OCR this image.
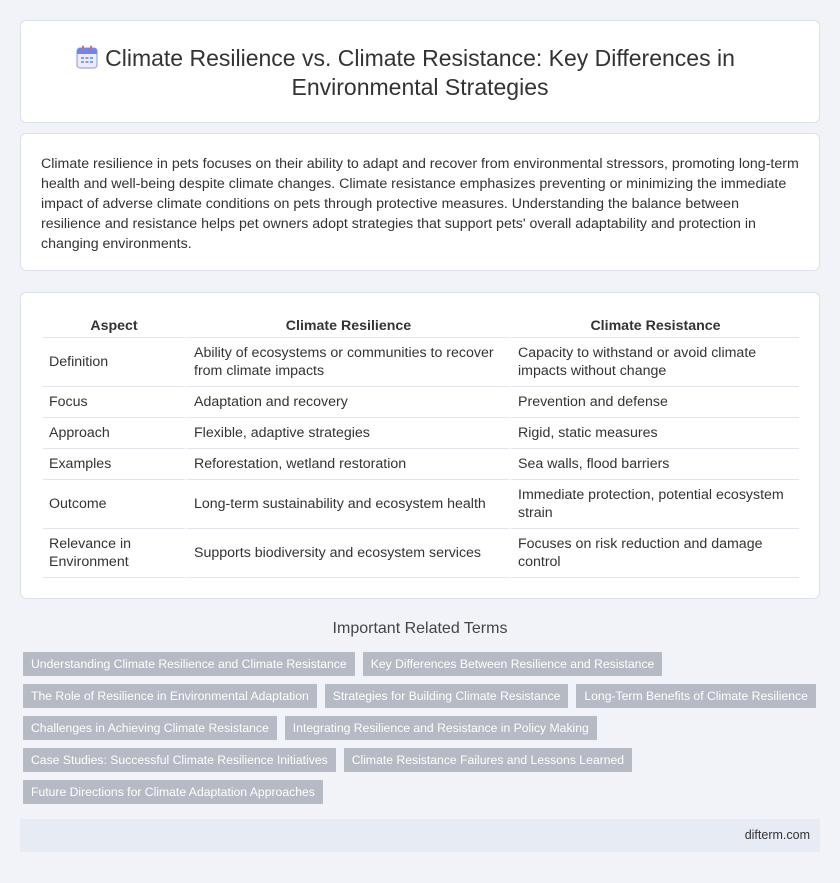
Climate Resilience vs. Climate Resistance: Key Differences in
Environmental Strategies

Climate resilience in pets focuses on their ability to adapt and recover from environmental stressors, promoting long-term health and well-being despite climate changes. Climate resistance emphasizes preventing or minimizing the immediate impact of adverse climate conditions on pets through protective measures. Understanding the balance between resilience and resistance helps pet owners adopt strategies that support pets' overall adaptability and protection in changing environments.

Aspect	Climate Resilience	Climate Resistance
Definition	Ability of ecosystems or communities to recover from climate impacts	Capacity to withstand or avoid climate impacts without change
Focus	Adaptation and recovery	Prevention and defense
Approach	Flexible, adaptive strategies	Rigid, static measures
Examples	Reforestation, wetland restoration	Sea walls, flood barriers
Outcome	Long-term sustainability and ecosystem health	Immediate protection, potential ecosystem strain
Relevance in Environment	Supports biodiversity and ecosystem services	Focuses on risk reduction and damage control
Important Related Terms
Understanding Climate Resilience and Climate Resistance	Key Differences Between Resilience and Resistance
The Role of Resilience in Environmental Adaptation	Strategies for Building Climate Resistance	Long-Term Benefits of Climate Resilience
Challenges in Achieving Climate Resistance	Integrating Resilience and Resistance in Policy Making
Case Studies: Successful Climate Resilience Initiatives	Climate Resistance Failures and Lessons Learned
Future Directions for Climate Adaptation Approaches
difterm.com
